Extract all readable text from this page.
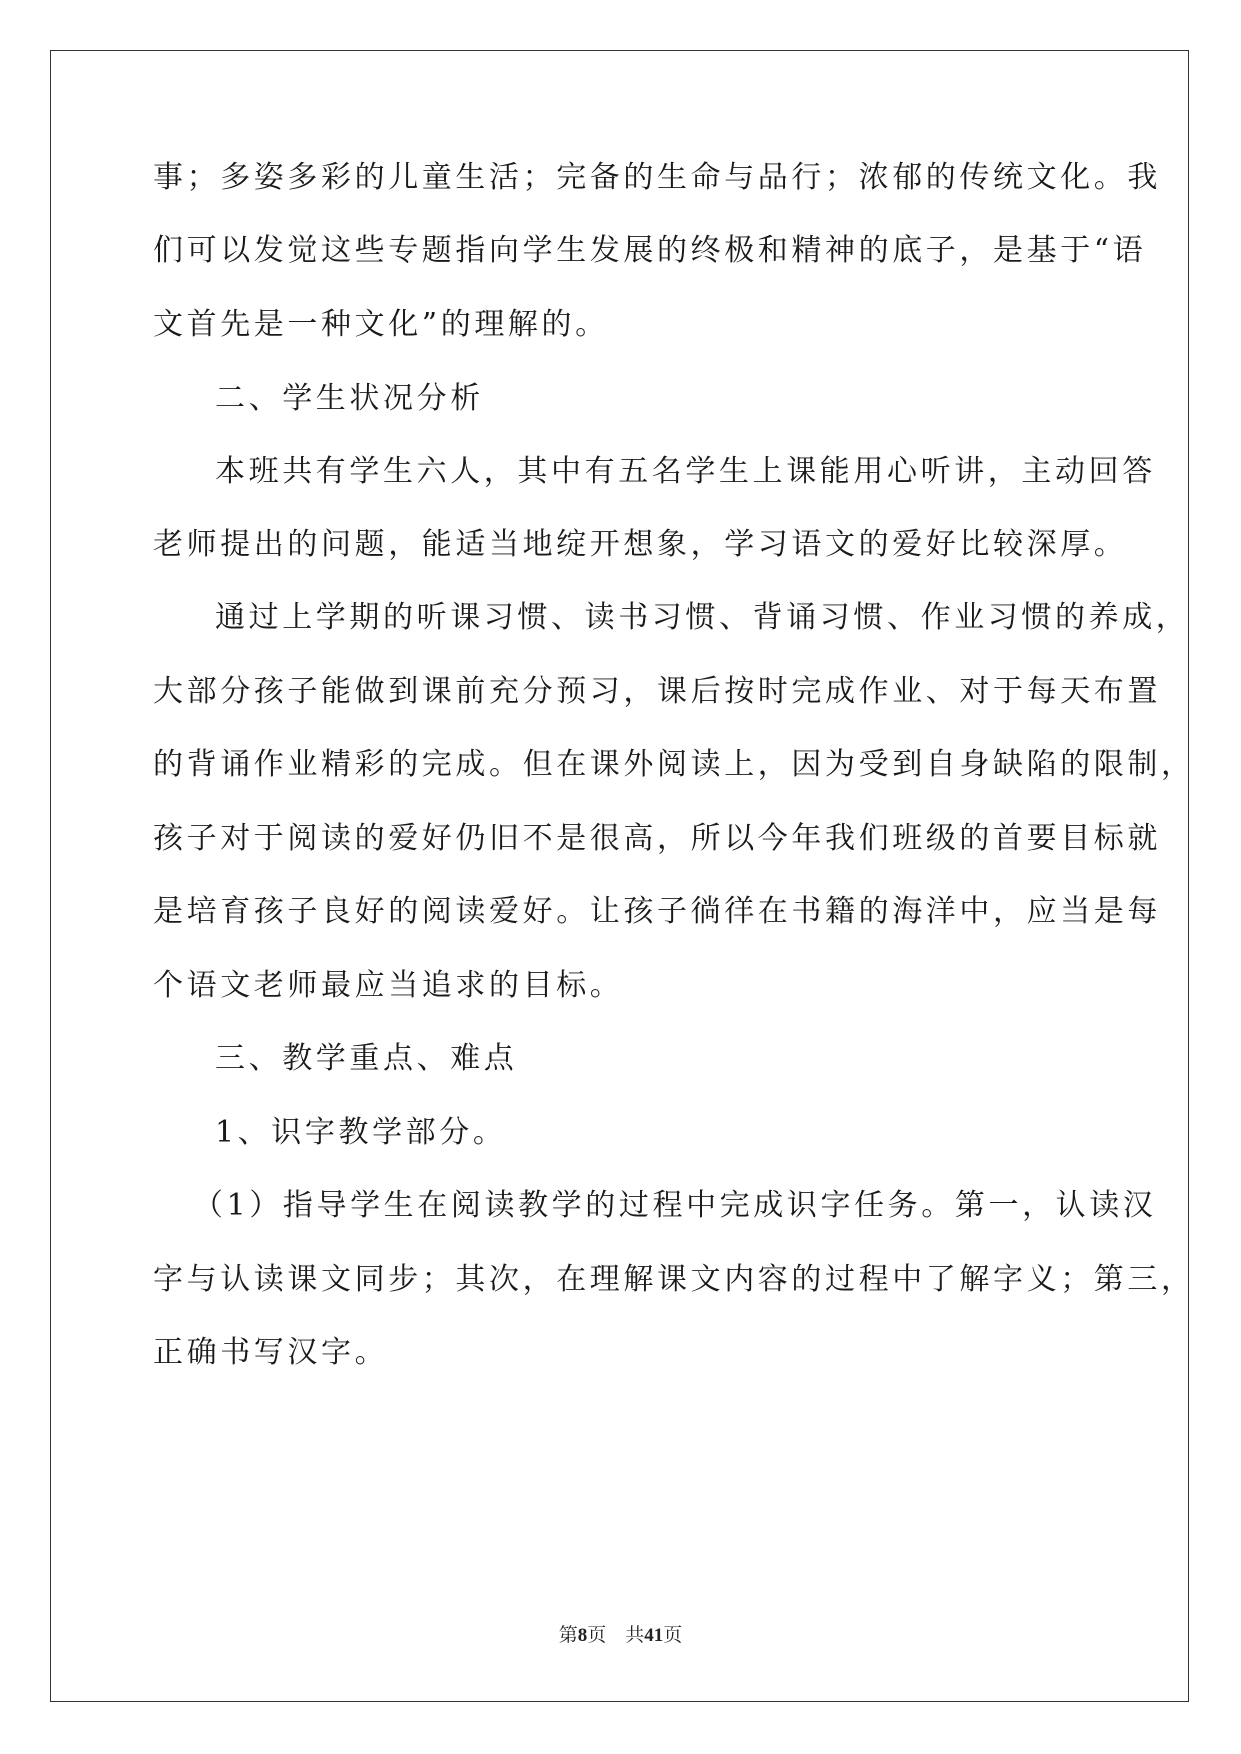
事；多姿多彩的儿童生活；完备的生命与品行；浓郁的传统文化。我
们可以发觉这些专题指向学生发展的终极和精神的底子，是基于“语
文首先是一种文化”的理解的。
二、学生状况分析
本班共有学生六人，其中有五名学生上课能用心听讲，主动回答
老师提出的问题，能适当地绽开想象，学习语文的爱好比较深厚。
通过上学期的听课习惯、读书习惯、背诵习惯、作业习惯的养成，
大部分孩子能做到课前充分预习，课后按时完成作业、对于每天布置
的背诵作业精彩的完成。但在课外阅读上，因为受到自身缺陷的限制，
孩子对于阅读的爱好仍旧不是很高，所以今年我们班级的首要目标就
是培育孩子良好的阅读爱好。让孩子徜徉在书籍的海洋中，应当是每
个语文老师最应当追求的目标。
三、教学重点、难点
1、识字教学部分。
（1）指导学生在阅读教学的过程中完成识字任务。第一，认读汉
字与认读课文同步；其次，在理解课文内容的过程中了解字义；第三，
正确书写汉字。
第8页    共41页
